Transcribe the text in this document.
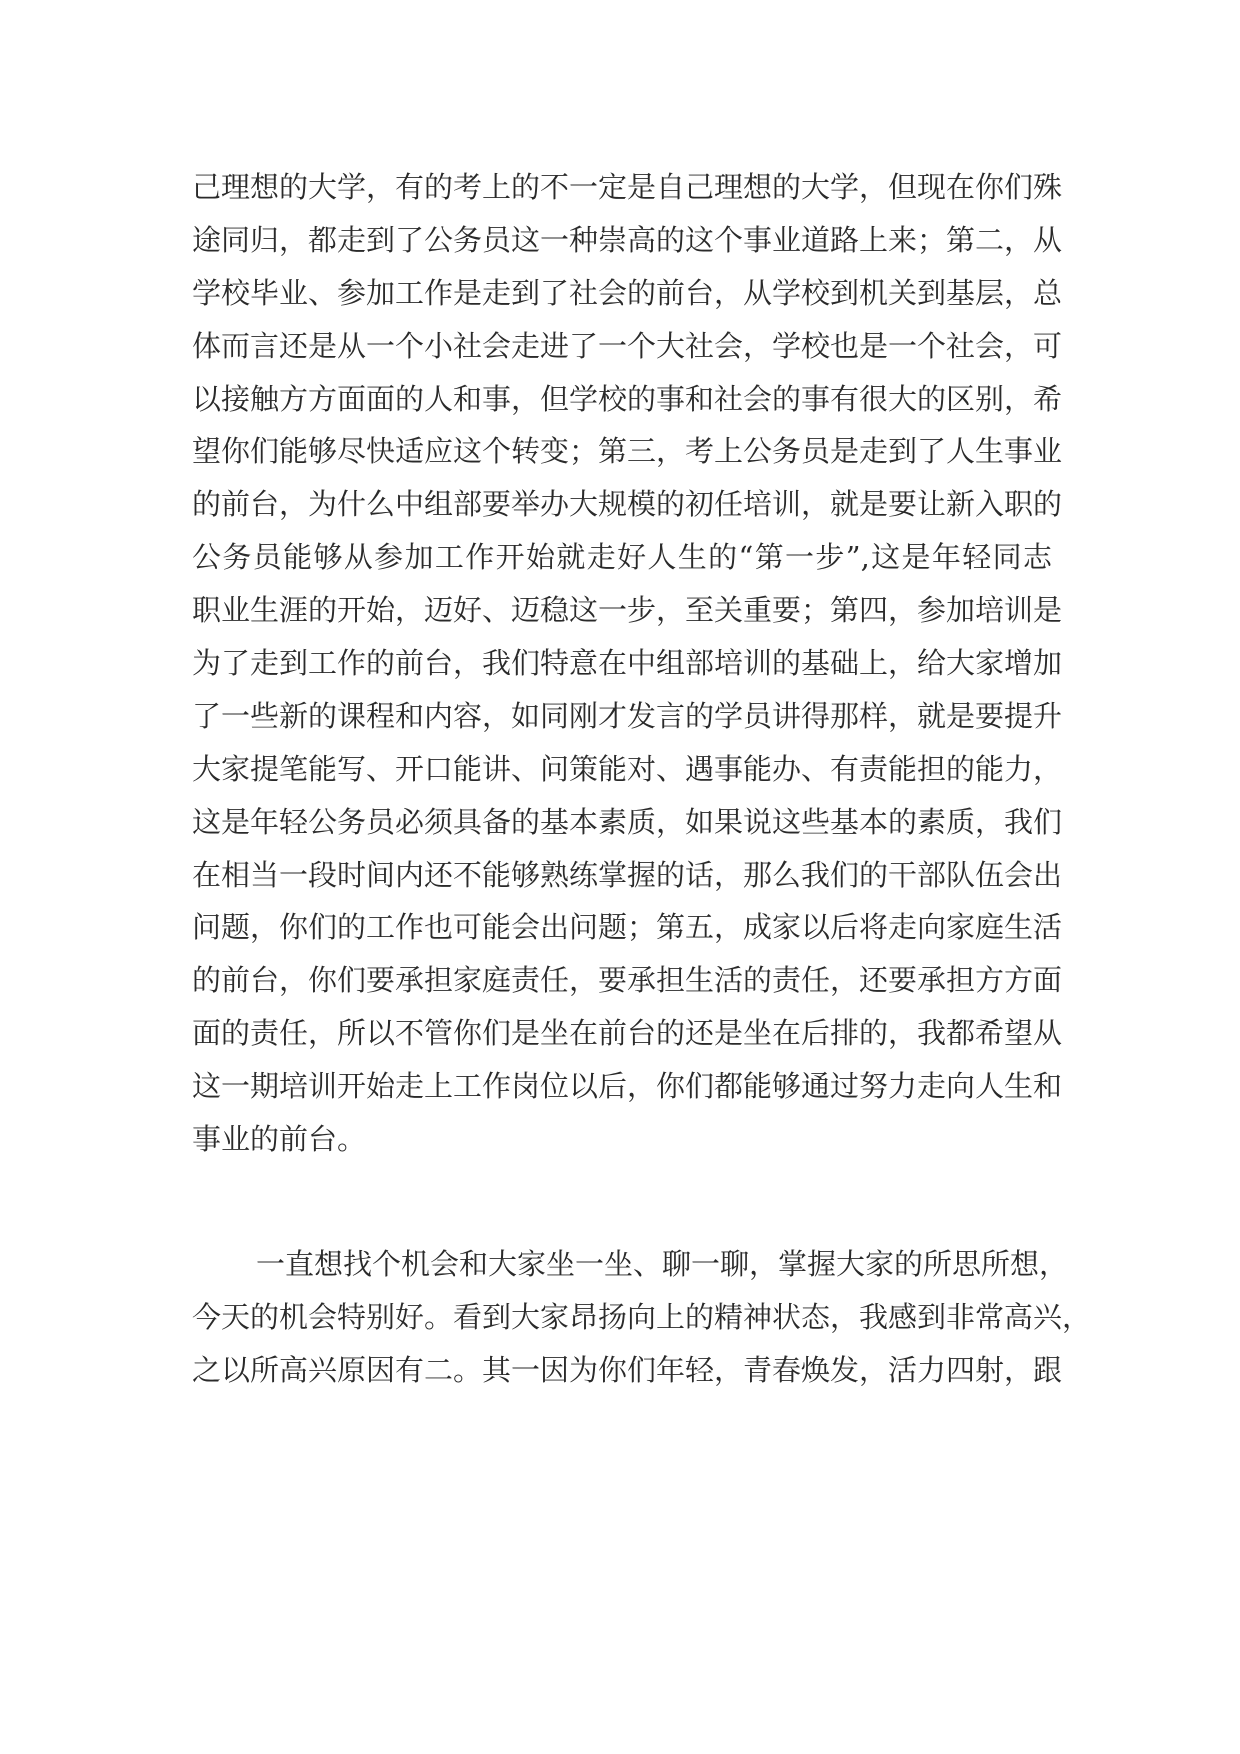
己理想的大学，有的考上的不一定是自己理想的大学，但现在你们殊
途同归，都走到了公务员这一种崇高的这个事业道路上来；第二，从
学校毕业、参加工作是走到了社会的前台，从学校到机关到基层，总
体而言还是从一个小社会走进了一个大社会，学校也是一个社会，可
以接触方方面面的人和事，但学校的事和社会的事有很大的区别，希
望你们能够尽快适应这个转变；第三，考上公务员是走到了人生事业
的前台，为什么中组部要举办大规模的初任培训，就是要让新入职的
公务员能够从参加工作开始就走好人生的“第一步”,这是年轻同志
职业生涯的开始，迈好、迈稳这一步，至关重要；第四，参加培训是
为了走到工作的前台，我们特意在中组部培训的基础上，给大家增加
了一些新的课程和内容，如同刚才发言的学员讲得那样，就是要提升
大家提笔能写、开口能讲、问策能对、遇事能办、有责能担的能力，
这是年轻公务员必须具备的基本素质，如果说这些基本的素质，我们
在相当一段时间内还不能够熟练掌握的话，那么我们的干部队伍会出
问题，你们的工作也可能会出问题；第五，成家以后将走向家庭生活
的前台，你们要承担家庭责任，要承担生活的责任，还要承担方方面
面的责任，所以不管你们是坐在前台的还是坐在后排的，我都希望从
这一期培训开始走上工作岗位以后，你们都能够通过努力走向人生和
事业的前台。
一直想找个机会和大家坐一坐、聊一聊，掌握大家的所思所想，
今天的机会特别好。看到大家昂扬向上的精神状态，我感到非常高兴，
之以所高兴原因有二。其一因为你们年轻，青春焕发，活力四射，跟
